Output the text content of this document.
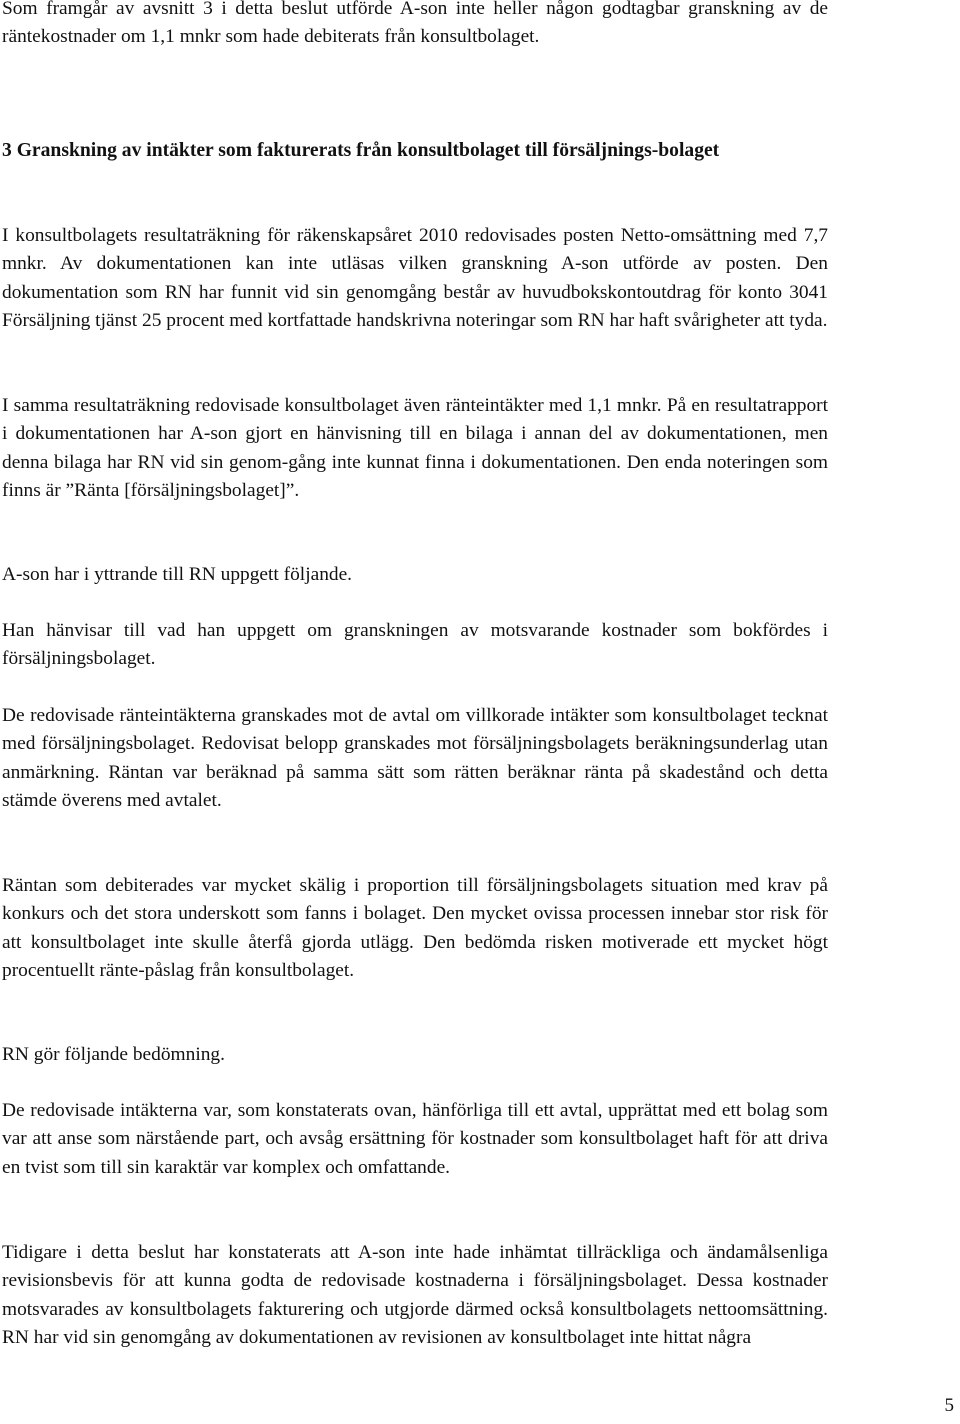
Som framgår av avsnitt 3 i detta beslut utförde A-son inte heller någon godtagbar granskning av de räntekostnader om 1,1 mnkr som hade debiterats från konsultbolaget.

3 Granskning av intäkter som fakturerats från konsultbolaget till försäljnings-bolaget

I konsultbolagets resultaträkning för räkenskapsåret 2010 redovisades posten Netto-omsättning med 7,7 mnkr. Av dokumentationen kan inte utläsas vilken granskning A-son utförde av posten. Den dokumentation som RN har funnit vid sin genomgång består av huvudbokskontoutdrag för konto 3041 Försäljning tjänst 25 procent med kortfattade handskrivna noteringar som RN har haft svårigheter att tyda.

I samma resultaträkning redovisade konsultbolaget även ränteintäkter med 1,1 mnkr. På en resultatrapport i dokumentationen har A-son gjort en hänvisning till en bilaga i annan del av dokumentationen, men denna bilaga har RN vid sin genom-gång inte kunnat finna i dokumentationen. Den enda noteringen som finns är ”Ränta [försäljningsbolaget]”.

A-son har i yttrande till RN uppgett följande.

Han hänvisar till vad han uppgett om granskningen av motsvarande kostnader som bokfördes i försäljningsbolaget.

De redovisade ränteintäkterna granskades mot de avtal om villkorade intäkter som konsultbolaget tecknat med försäljningsbolaget. Redovisat belopp granskades mot försäljningsbolagets beräkningsunderlag utan anmärkning. Räntan var beräknad på samma sätt som rätten beräknar ränta på skadestånd och detta stämde överens med avtalet.

Räntan som debiterades var mycket skälig i proportion till försäljningsbolagets situation med krav på konkurs och det stora underskott som fanns i bolaget. Den mycket ovissa processen innebar stor risk för att konsultbolaget inte skulle återfå gjorda utlägg. Den bedömda risken motiverade ett mycket högt procentuellt ränte-påslag från konsultbolaget.

RN gör följande bedömning.

De redovisade intäkterna var, som konstaterats ovan, hänförliga till ett avtal, upprättat med ett bolag som var att anse som närstående part, och avsåg ersättning för kostnader som konsultbolaget haft för att driva en tvist som till sin karaktär var komplex och omfattande.

Tidigare i detta beslut har konstaterats att A-son inte hade inhämtat tillräckliga och ändamålsenliga revisionsbevis för att kunna godta de redovisade kostnaderna i försäljningsbolaget. Dessa kostnader motsvarades av konsultbolagets fakturering och utgjorde därmed också konsultbolagets nettoomsättning. RN har vid sin genomgång av dokumentationen av revisionen av konsultbolaget inte hittat några

5
